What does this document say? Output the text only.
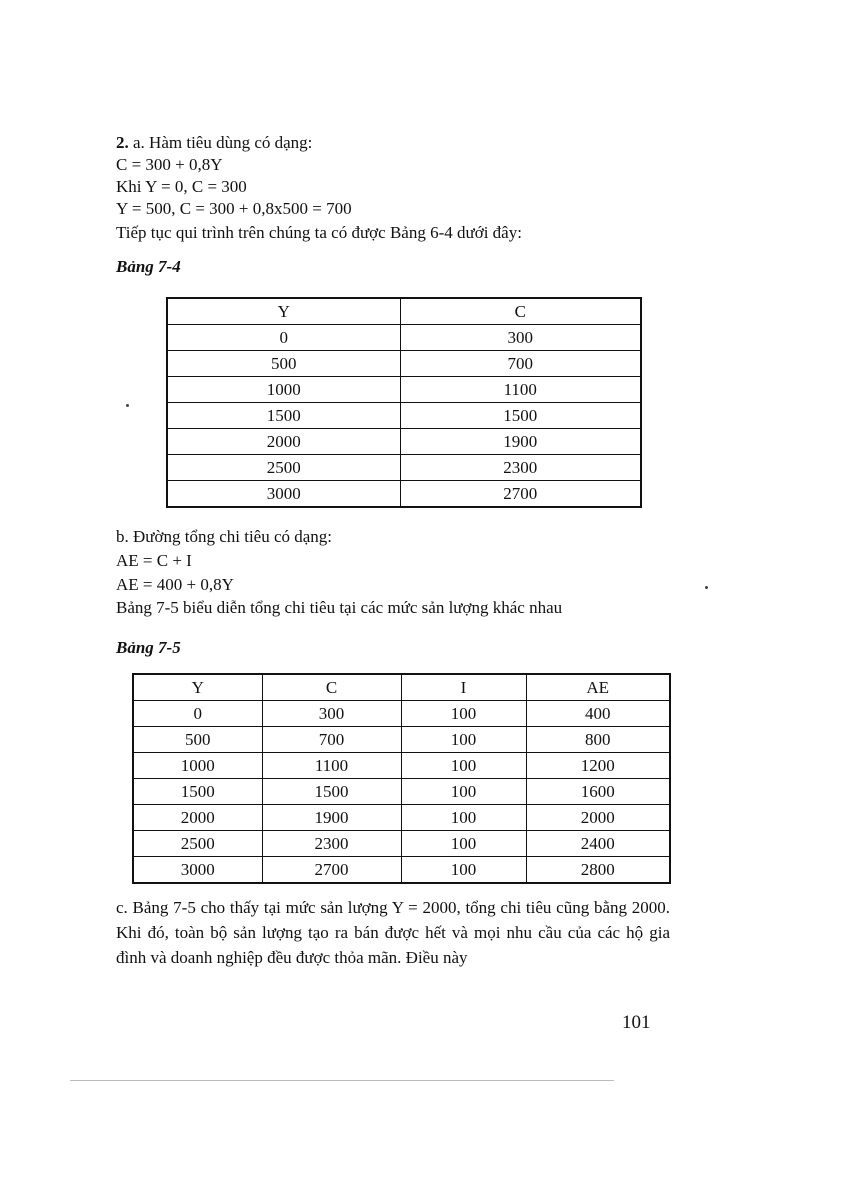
2. a. Hàm tiêu dùng có dạng:
C = 300 + 0,8Y
Khi Y = 0, C = 300
Y = 500, C = 300 + 0,8x500 = 700
Tiếp tục qui trình trên chúng ta có được Bảng 6-4 dưới đây:
Bảng 7-4
Y	C
0	300
500	700
1000	1100
1500	1500
2000	1900
2500	2300
3000	2700
b. Đường tổng chi tiêu có dạng:
AE = C + I
AE = 400 + 0,8Y
Bảng 7-5 biểu diễn tổng chi tiêu tại các mức sản lượng khác nhau
Bảng 7-5
Y	C	I	AE
0	300	100	400
500	700	100	800
1000	1100	100	1200
1500	1500	100	1600
2000	1900	100	2000
2500	2300	100	2400
3000	2700	100	2800
c. Bảng 7-5 cho thấy tại mức sản lượng Y = 2000, tổng chi tiêu cũng bằng 2000. Khi đó, toàn bộ sản lượng tạo ra bán được hết và mọi nhu cầu của các hộ gia đình và doanh nghiệp đều được thỏa mãn. Điều này
101
